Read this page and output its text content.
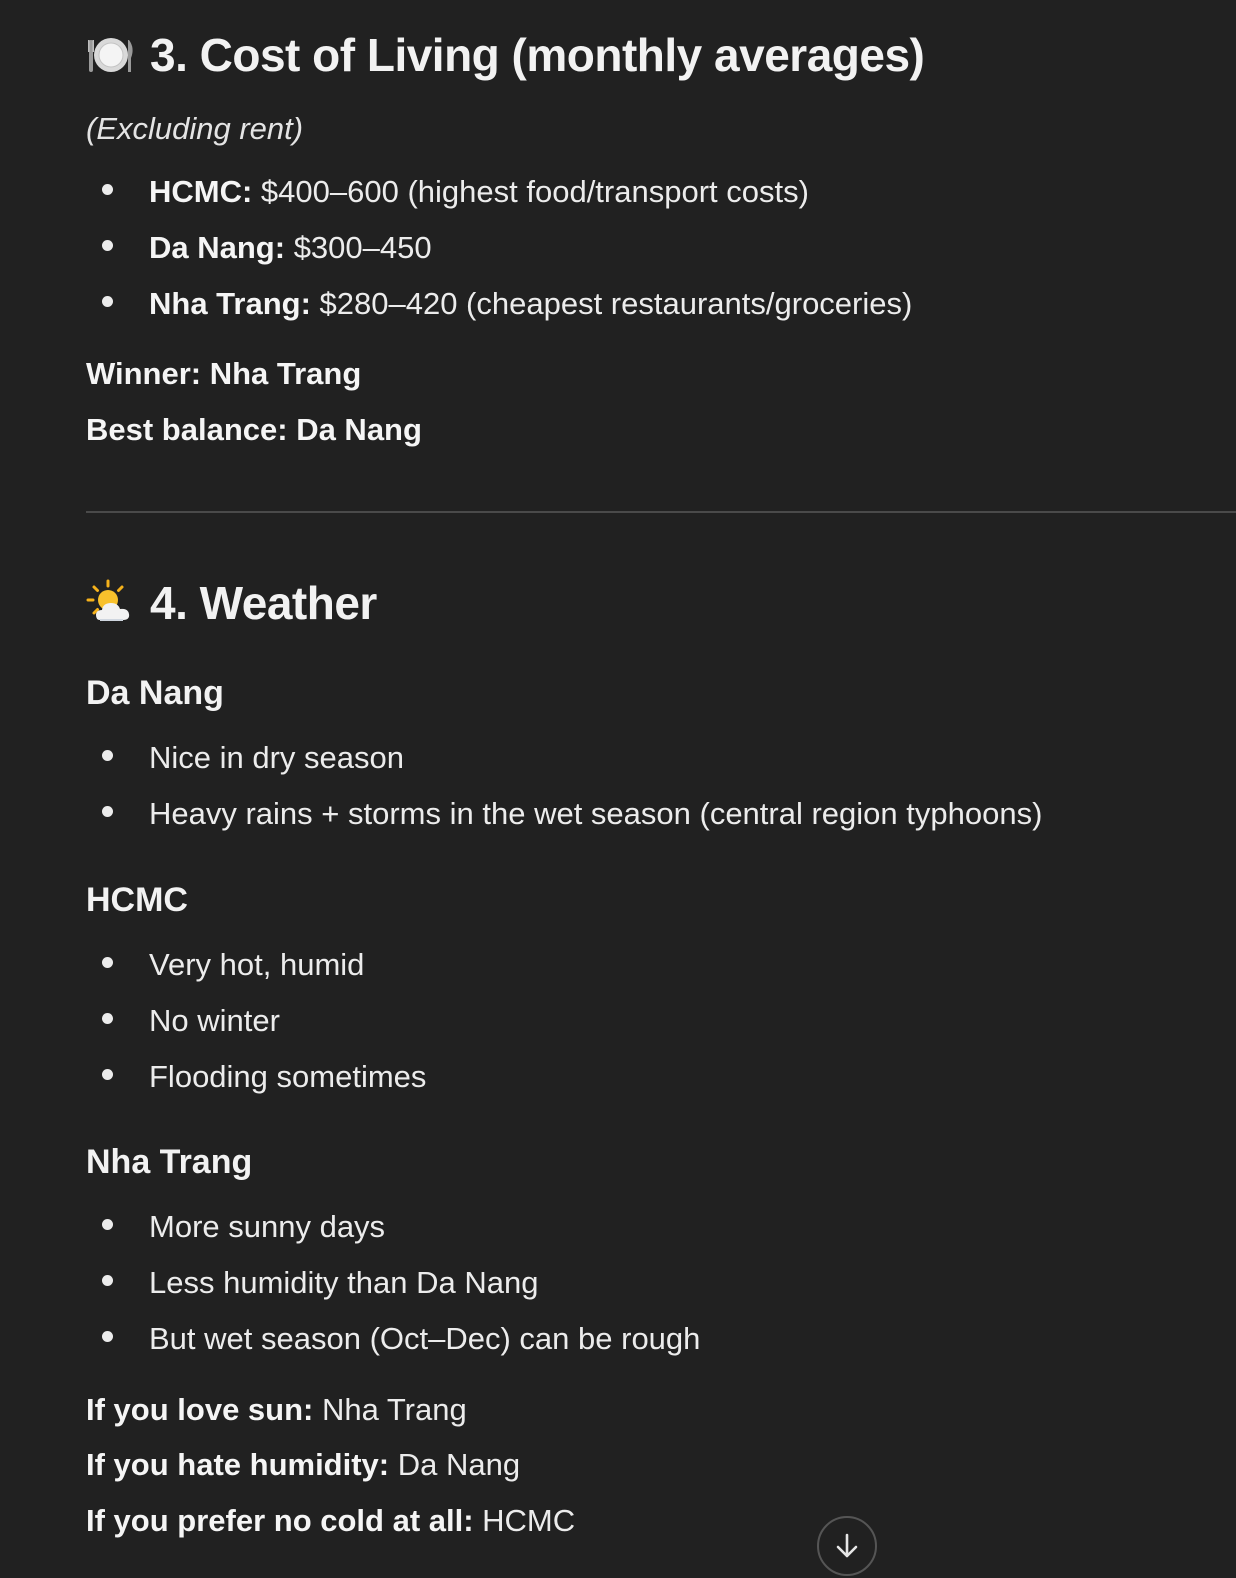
3. Cost of Living (monthly averages)
(Excluding rent)
HCMC: $400–600 (highest food/transport costs)
Da Nang: $300–450
Nha Trang: $280–420 (cheapest restaurants/groceries)
Winner: Nha Trang
Best balance: Da Nang
4. Weather
Da Nang
Nice in dry season
Heavy rains + storms in the wet season (central region typhoons)
HCMC
Very hot, humid
No winter
Flooding sometimes
Nha Trang
More sunny days
Less humidity than Da Nang
But wet season (Oct–Dec) can be rough
If you love sun: Nha Trang
If you hate humidity: Da Nang
If you prefer no cold at all: HCMC
